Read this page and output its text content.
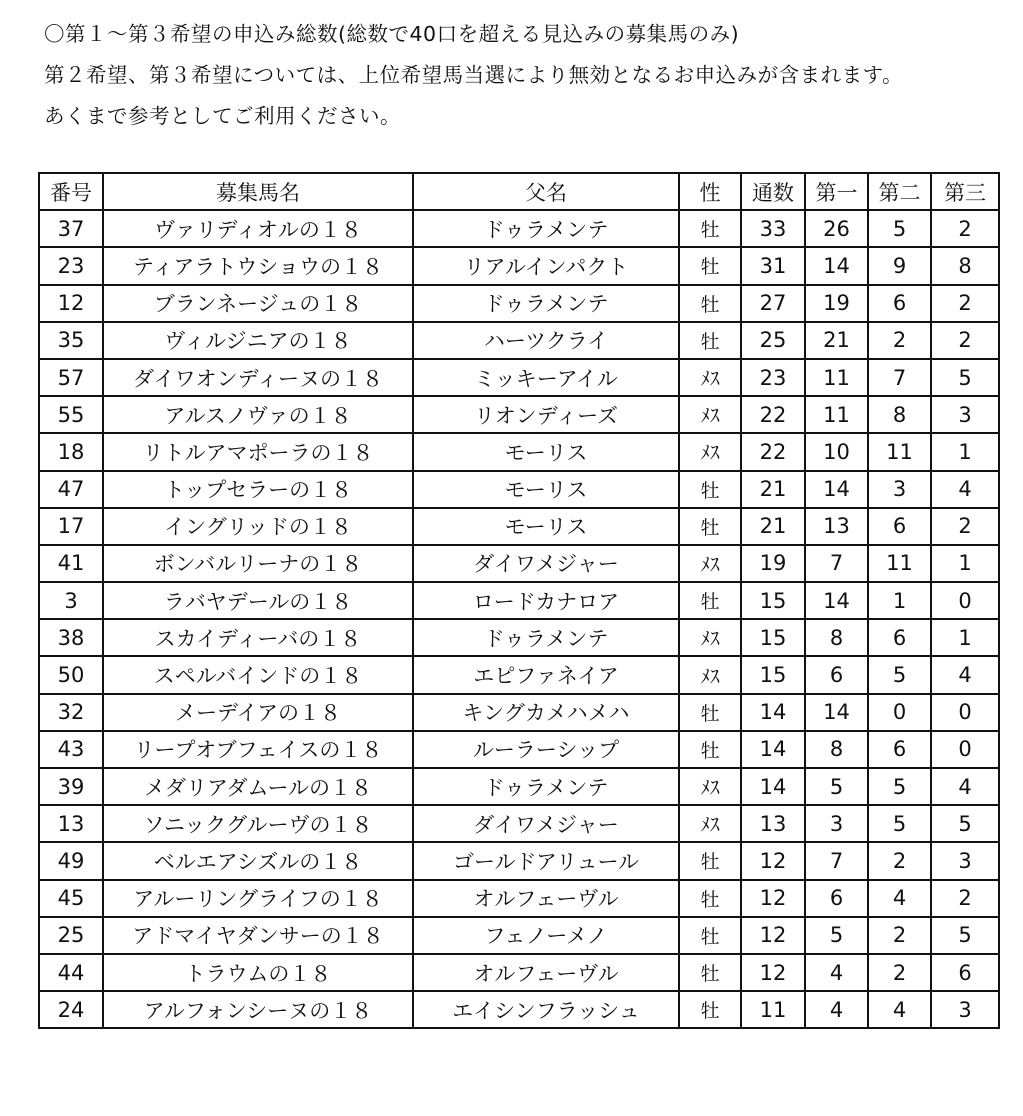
〇第１～第３希望の申込み総数(総数で40口を超える見込みの募集馬のみ)

第２希望、第３希望については、上位希望馬当選により無効となるお申込みが含まれます。

あくまで参考としてご利用ください。

番号	募集馬名	父名	性	通数	第一	第二	第三
37	ヴァリディオルの１８	ドゥラメンテ	牡	33	26	5	2
23	ティアラトウショウの１８	リアルインパクト	牡	31	14	9	8
12	ブランネージュの１８	ドゥラメンテ	牡	27	19	6	2
35	ヴィルジニアの１８	ハーツクライ	牡	25	21	2	2
57	ダイワオンディーヌの１８	ミッキーアイル	ﾒｽ	23	11	7	5
55	アルスノヴァの１８	リオンディーズ	ﾒｽ	22	11	8	3
18	リトルアマポーラの１８	モーリス	ﾒｽ	22	10	11	1
47	トップセラーの１８	モーリス	牡	21	14	3	4
17	イングリッドの１８	モーリス	牡	21	13	6	2
41	ボンバルリーナの１８	ダイワメジャー	ﾒｽ	19	7	11	1
3	ラバヤデールの１８	ロードカナロア	牡	15	14	1	0
38	スカイディーバの１８	ドゥラメンテ	ﾒｽ	15	8	6	1
50	スペルバインドの１８	エピファネイア	ﾒｽ	15	6	5	4
32	メーデイアの１８	キングカメハメハ	牡	14	14	0	0
43	リープオブフェイスの１８	ルーラーシップ	牡	14	8	6	0
39	メダリアダムールの１８	ドゥラメンテ	ﾒｽ	14	5	5	4
13	ソニックグルーヴの１８	ダイワメジャー	ﾒｽ	13	3	5	5
49	ベルエアシズルの１８	ゴールドアリュール	牡	12	7	2	3
45	アルーリングライフの１８	オルフェーヴル	牡	12	6	4	2
25	アドマイヤダンサーの１８	フェノーメノ	牡	12	5	2	5
44	トラウムの１８	オルフェーヴル	牡	12	4	2	6
24	アルフォンシーヌの１８	エイシンフラッシュ	牡	11	4	4	3
